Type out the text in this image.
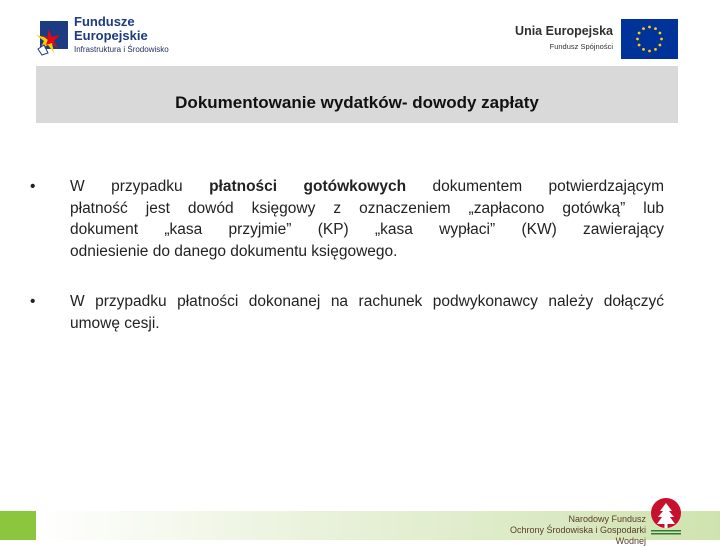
Fundusze
Europejskie
Infrastruktura i Środowisko
Unia Europejska
Fundusz Spójności
Dokumentowanie wydatków- dowody zapłaty
•	W przypadku płatności gotówkowych dokumentem potwierdzającym
płatność jest dowód księgowy z oznaczeniem „zapłacono gotówką” lub
dokument „kasa przyjmie” (KP) „kasa wypłaci” (KW) zawierający
odniesienie do danego dokumentu księgowego.
•	W przypadku płatności dokonanej na rachunek podwykonawcy należy dołączyć umowę cesji.
Narodowy Fundusz
Ochrony Środowiska i Gospodarki Wodnej
